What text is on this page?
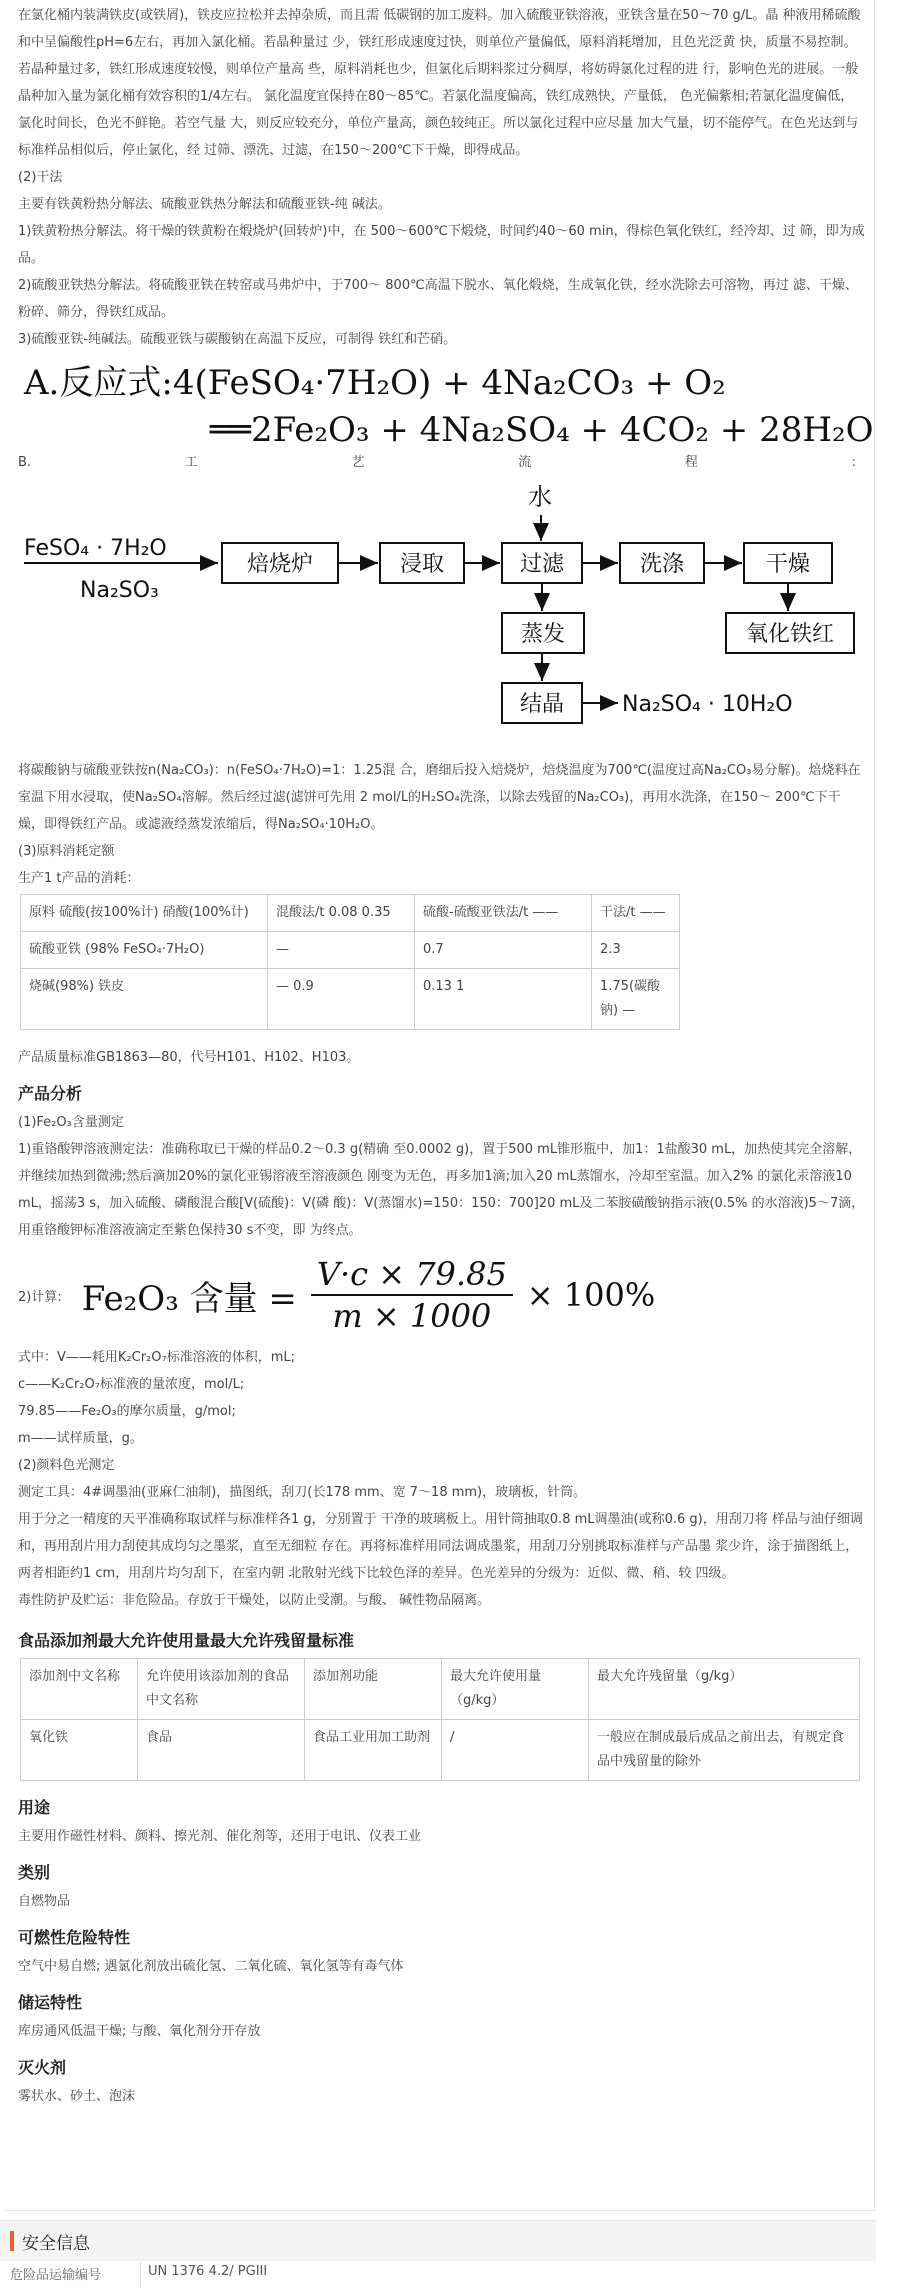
在氯化桶内装满铁皮(或铁屑)，铁皮应拉松并去掉杂质，而且需 低碳钢的加工废料。加入硫酸亚铁溶液，亚铁含量在50～70 g/L。晶 种液用稀硫酸和中呈偏酸性pH=6左右，再加入氯化桶。若晶种量过 少，铁红形成速度过快，则单位产量偏低，原料消耗增加，且色光泛黄 快，质量不易控制。若晶种量过多，铁红形成速度较慢，则单位产量高 些，原料消耗也少，但氯化后期料浆过分稠厚，将妨碍氯化过程的进 行，影响色光的进展。一般晶种加入量为氯化桶有效容积的1/4左右。 氯化温度宜保持在80～85℃。若氯化温度偏高，铁红成熟快，产量低， 色光偏紫相;若氯化温度偏低，氯化时间长，色光不鲜艳。若空气量 大，则反应较充分，单位产量高，颜色较纯正。所以氯化过程中应尽量 加大气量，切不能停气。在色光达到与标准样品相似后，停止氯化，经 过筛、漂洗、过滤，在150～200℃下干燥，即得成品。

(2)干法

主要有铁黄粉热分解法、硫酸亚铁热分解法和硫酸亚铁-纯 碱法。

1)铁黄粉热分解法。将干燥的铁黄粉在煅烧炉(回转炉)中，在 500～600℃下煅烧，时间约40～60 min，得棕色氧化铁红，经冷却、过 筛，即为成品。

2)硫酸亚铁热分解法。将硫酸亚铁在转窑或马弗炉中，于700～ 800℃高温下脱水、氧化煅烧，生成氧化铁，经水洗除去可溶物，再过 滤、干燥、粉碎、筛分，得铁红成品。

3)硫酸亚铁-纯碱法。硫酸亚铁与碳酸钠在高温下反应，可制得 铁红和芒硝。

A.反应式:4(FeSO₄·7H₂O) + 4Na₂CO₃ + O₂
══2Fe₂O₃ + 4Na₂SO₄ + 4CO₂ + 28H₂O
B.	工	艺	流	程	:
FeSO₄ · 7H₂O
Na₂SO₃
水
焙烧炉	浸取	过滤	洗涤	干燥
蒸发	氧化铁红
结晶	Na₂SO₄ · 10H₂O

将碳酸钠与硫酸亚铁按n(Na₂CO₃)：n(FeSO₄·7H₂O)=1：1.25混 合，磨细后投入焙烧炉，焙烧温度为700℃(温度过高Na₂CO₃易分解)。焙烧料在室温下用水浸取，使Na₂SO₄溶解。然后经过滤(滤饼可先用 2 mol/L的H₂SO₄洗涤，以除去残留的Na₂CO₃)，再用水洗涤，在150～ 200℃下干燥，即得铁红产品。或滤液经蒸发浓缩后，得Na₂SO₄·10H₂O。

(3)原料消耗定额

生产1 t产品的消耗：

原料 硫酸(按100%计) 硝酸(100%计)	混酸法/t 0.08 0.35	硫酸-硫酸亚铁法/t ——	干法/t ——
硫酸亚铁 (98% FeSO₄·7H₂O)	—	0.7	2.3
烧碱(98%) 铁皮	— 0.9	0.13 1	1.75(碳酸钠) —

产品质量标准GB1863—80，代号H101、H102、H103。

产品分析

(1)Fe₂O₃含量测定

1)重铬酸钾溶液测定法：准确称取已干燥的样品0.2～0.3 g(精确 至0.0002 g)，置于500 mL锥形瓶中，加1：1盐酸30 mL，加热使其完全溶解，并继续加热到微沸;然后滴加20%的氯化亚锡溶液至溶液颜色 刚变为无色，再多加1滴;加入20 mL蒸馏水，冷却至室温。加入2% 的氯化汞溶液10 mL，摇荡3 s，加入硫酸、磷酸混合酸[V(硫酸)：V(磷 酸)：V(蒸馏水)=150：150：700]20 mL及二苯胺磺酸钠指示液(0.5% 的水溶液)5～7滴，用重铬酸钾标准溶液滴定至紫色保持30 s不变，即 为终点。

2)计算: Fe₂O₃ 含量 = $\frac{V\cdot c \times 79.85}{m \times 1000} \times 100\%$

式中：V——耗用K₂Cr₂O₇标准溶液的体积，mL;

c——K₂Cr₂O₇标准液的量浓度，mol/L;

79.85——Fe₂O₃的摩尔质量，g/mol;

m——试样质量，g。

(2)颜料色光测定

测定工具：4#调墨油(亚麻仁油制)，描图纸，刮刀(长178 mm、宽 7～18 mm)，玻璃板，针筒。

用于分之一精度的天平准确称取试样与标准样各1 g，分别置于 干净的玻璃板上。用针筒抽取0.8 mL调墨油(或称0.6 g)，用刮刀将 样品与油仔细调和，再用刮片用力刮使其成均匀之墨浆，直至无细粒 存在。再将标准样用同法调成墨浆，用刮刀分别挑取标准样与产品墨 浆少许，涂于描图纸上，两者相距约1 cm，用刮片均匀刮下，在室内朝 北散射光线下比较色泽的差异。色光差异的分级为：近似、微、稍、较 四级。

毒性防护及贮运：非危险品。存放于干燥处，以防止受潮。与酸、 碱性物品隔离。

食品添加剂最大允许使用量最大允许残留量标准
添加剂中文名称	允许使用该添加剂的食品中文名称	添加剂功能	最大允许使用量（g/kg）	最大允许残留量（g/kg）
氧化铁	食品	食品工业用加工助剂	/	一般应在制成最后成品之前出去，有规定食品中残留量的除外
用途

主要用作磁性材料、颜料、擦光剂、催化剂等，还用于电讯、仪表工业

类别

自燃物品

可燃性危险特性

空气中易自燃; 遇氯化剂放出硫化氢、二氧化硫、氧化氢等有毒气体

储运特性

库房通风低温干燥; 与酸、氧化剂分开存放

灭火剂

雾状水、砂土、泡沫

安全信息
危险品运输编号	UN 1376 4.2/ PGIII
